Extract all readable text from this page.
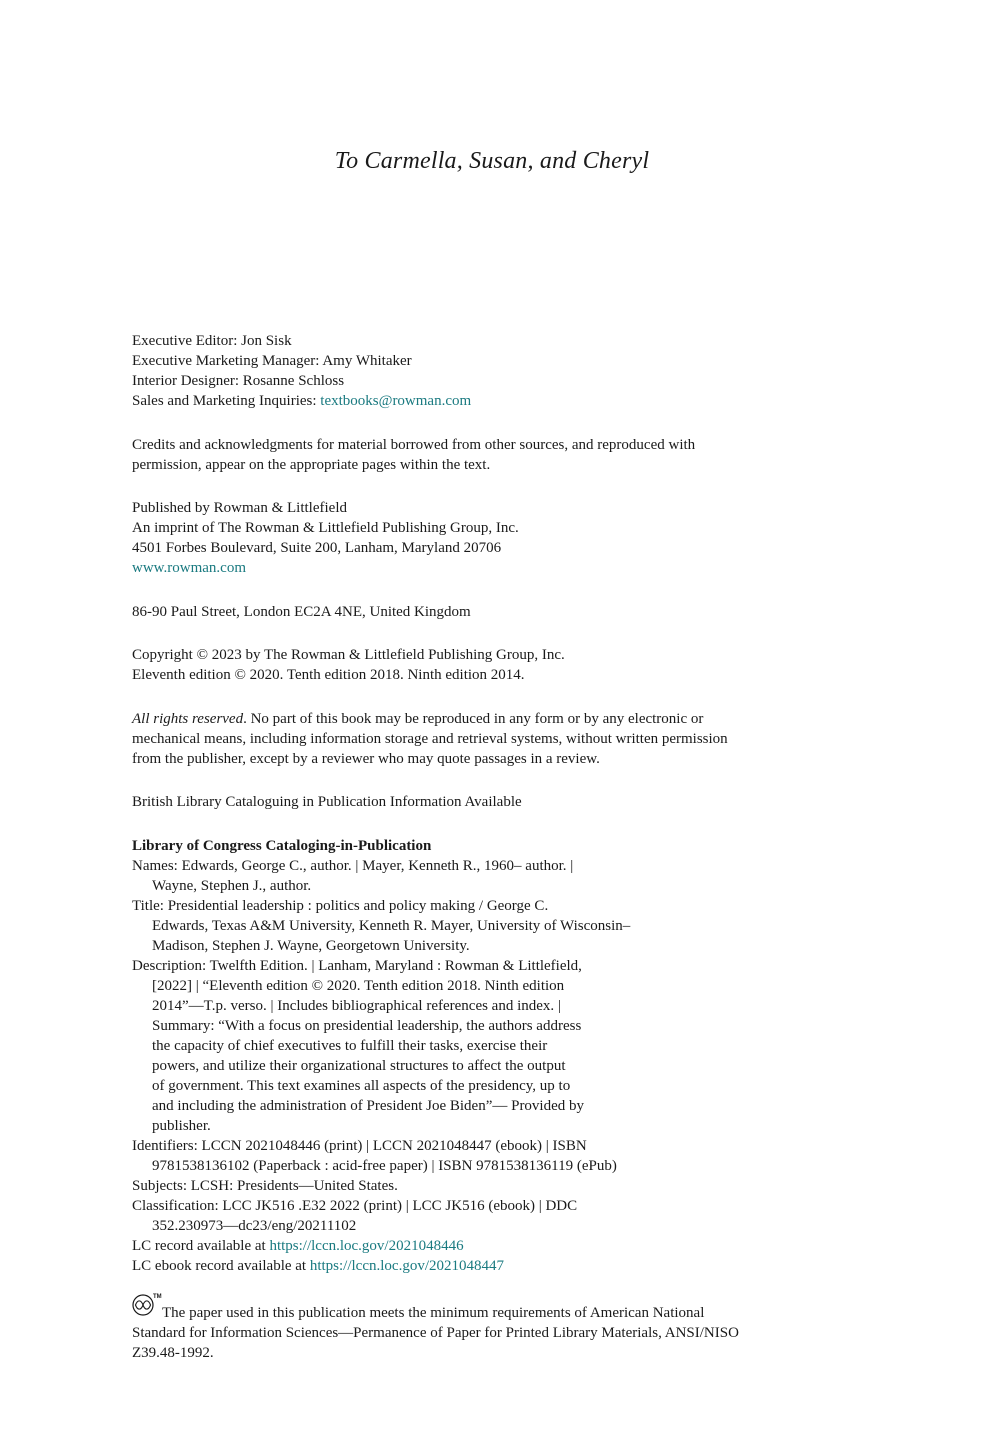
To Carmella, Susan, and Cheryl
Executive Editor: Jon Sisk
Executive Marketing Manager: Amy Whitaker
Interior Designer: Rosanne Schloss
Sales and Marketing Inquiries: textbooks@rowman.com
Credits and acknowledgments for material borrowed from other sources, and reproduced with
permission, appear on the appropriate pages within the text.
Published by Rowman & Littlefield
An imprint of The Rowman & Littlefield Publishing Group, Inc.
4501 Forbes Boulevard, Suite 200, Lanham, Maryland 20706
www.rowman.com
86-90 Paul Street, London EC2A 4NE, United Kingdom
Copyright © 2023 by The Rowman & Littlefield Publishing Group, Inc.
Eleventh edition © 2020. Tenth edition 2018. Ninth edition 2014.
All rights reserved. No part of this book may be reproduced in any form or by any electronic or
mechanical means, including information storage and retrieval systems, without written permission
from the publisher, except by a reviewer who may quote passages in a review.
British Library Cataloguing in Publication Information Available
Library of Congress Cataloging-in-Publication
Names: Edwards, George C., author. | Mayer, Kenneth R., 1960– author. |
Wayne, Stephen J., author.
Title: Presidential leadership : politics and policy making / George C.
Edwards, Texas A&M University, Kenneth R. Mayer, University of Wisconsin–
Madison, Stephen J. Wayne, Georgetown University.
Description: Twelfth Edition. | Lanham, Maryland : Rowman & Littlefield,
[2022] | “Eleventh edition © 2020. Tenth edition 2018. Ninth edition
2014”—T.p. verso. | Includes bibliographical references and index. |
Summary: “With a focus on presidential leadership, the authors address
the capacity of chief executives to fulfill their tasks, exercise their
powers, and utilize their organizational structures to affect the output
of government. This text examines all aspects of the presidency, up to
and including the administration of President Joe Biden”— Provided by
publisher.
Identifiers: LCCN 2021048446 (print) | LCCN 2021048447 (ebook) | ISBN
9781538136102 (Paperback : acid-free paper) | ISBN 9781538136119 (ePub)
Subjects: LCSH: Presidents—United States.
Classification: LCC JK516 .E32 2022 (print) | LCC JK516 (ebook) | DDC
352.230973—dc23/eng/20211102
LC record available at https://lccn.loc.gov/2021048446
LC ebook record available at https://lccn.loc.gov/2021048447
TM
The paper used in this publication meets the minimum requirements of American National
Standard for Information Sciences—Permanence of Paper for Printed Library Materials, ANSI/NISO
Z39.48-1992.
